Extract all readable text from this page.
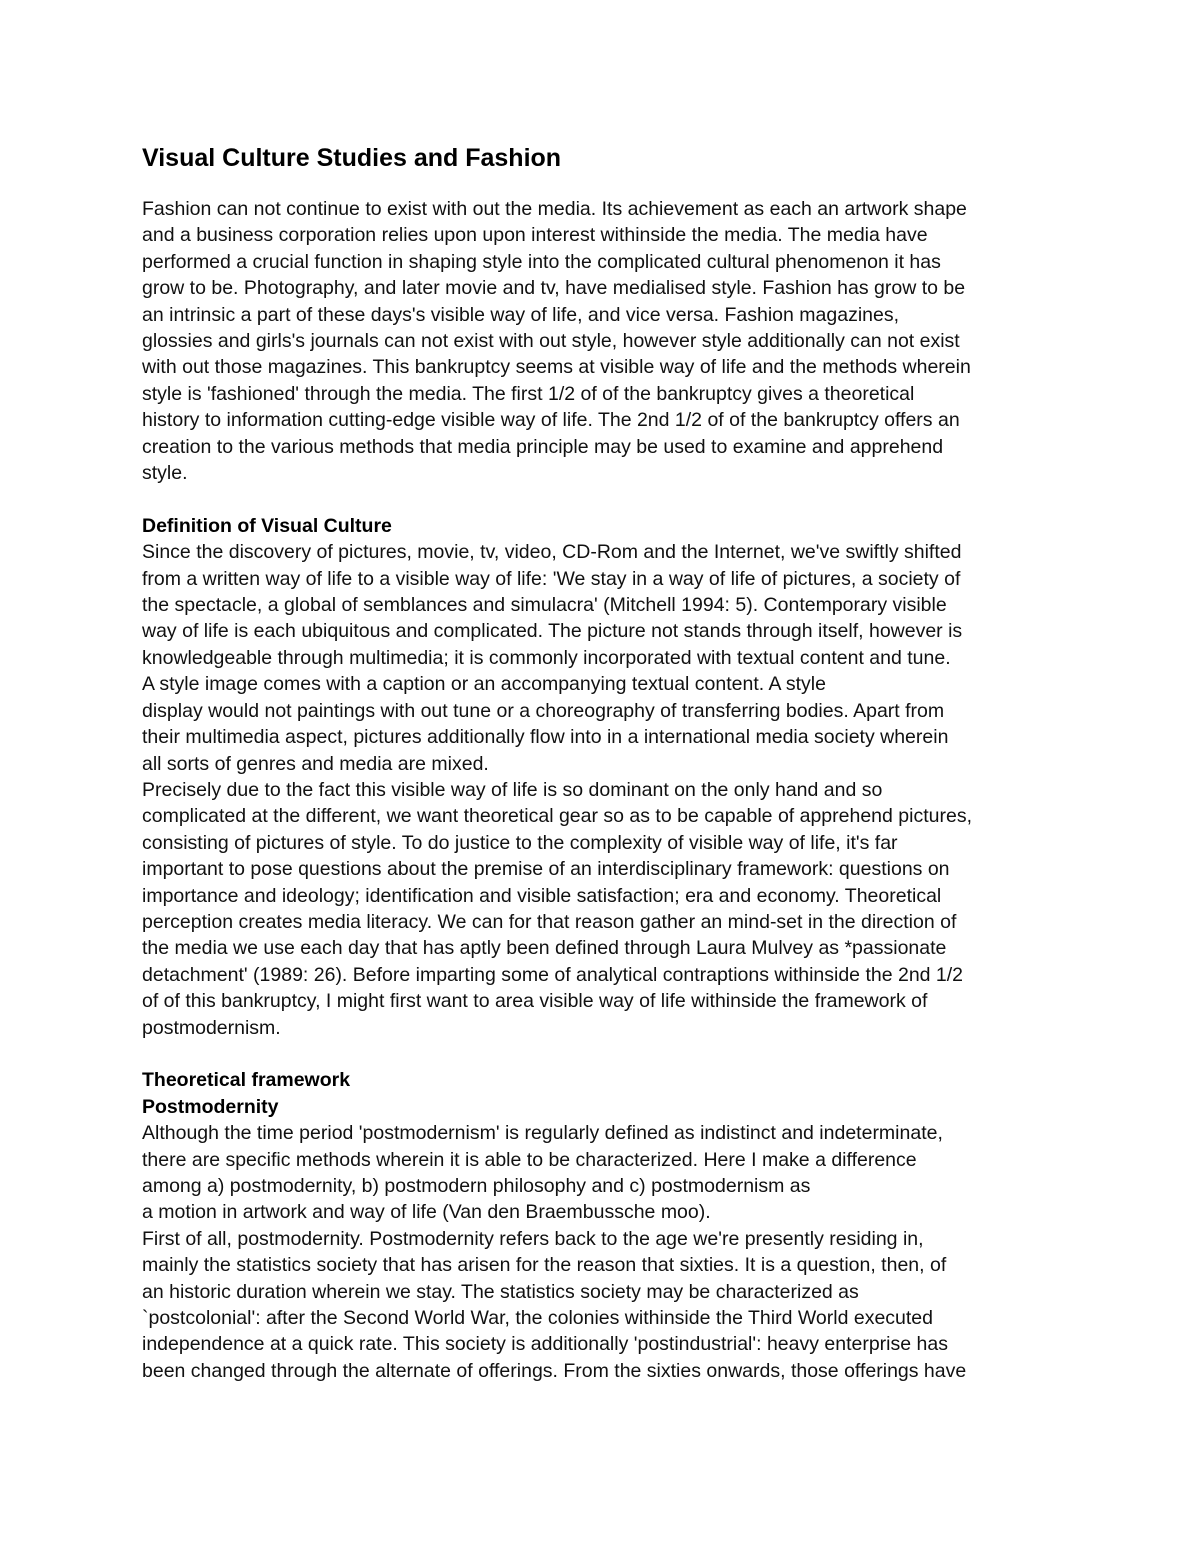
Visual Culture Studies and Fashion
Fashion can not continue to exist with out the media. Its achievement as each an artwork shape
and a business corporation relies upon upon interest withinside the media. The media have
performed a crucial function in shaping style into the complicated cultural phenomenon it has
grow to be. Photography, and later movie and tv, have medialised style. Fashion has grow to be
an intrinsic a part of these days's visible way of life, and vice versa. Fashion magazines,
glossies and girls's journals can not exist with out style, however style additionally can not exist
with out those magazines. This bankruptcy seems at visible way of life and the methods wherein
style is 'fashioned' through the media. The first 1/2 of of the bankruptcy gives a theoretical
history to information cutting-edge visible way of life. The 2nd 1/2 of of the bankruptcy offers an
creation to the various methods that media principle may be used to examine and apprehend
style.
Definition of Visual Culture
Since the discovery of pictures, movie, tv, video, CD-Rom and the Internet, we've swiftly shifted
from a written way of life to a visible way of life: 'We stay in a way of life of pictures, a society of
the spectacle, a global of semblances and simulacra' (Mitchell 1994: 5). Contemporary visible
way of life is each ubiquitous and complicated. The picture not stands through itself, however is
knowledgeable through multimedia; it is commonly incorporated with textual content and tune.
A style image comes with a caption or an accompanying textual content. A style
display would not paintings with out tune or a choreography of transferring bodies. Apart from
their multimedia aspect, pictures additionally flow into in a international media society wherein
all sorts of genres and media are mixed.
Precisely due to the fact this visible way of life is so dominant on the only hand and so
complicated at the different, we want theoretical gear so as to be capable of apprehend pictures,
consisting of pictures of style. To do justice to the complexity of visible way of life, it's far
important to pose questions about the premise of an interdisciplinary framework: questions on
importance and ideology; identification and visible satisfaction; era and economy. Theoretical
perception creates media literacy. We can for that reason gather an mind-set in the direction of
the media we use each day that has aptly been defined through Laura Mulvey as *passionate
detachment' (1989: 26). Before imparting some of analytical contraptions withinside the 2nd 1/2
of of this bankruptcy, I might first want to area visible way of life withinside the framework of
postmodernism.
Theoretical framework
Postmodernity
Although the time period 'postmodernism' is regularly defined as indistinct and indeterminate,
there are specific methods wherein it is able to be characterized. Here I make a difference
among a) postmodernity, b) postmodern philosophy and c) postmodernism as
a motion in artwork and way of life (Van den Braembussche moo).
First of all, postmodernity. Postmodernity refers back to the age we're presently residing in,
mainly the statistics society that has arisen for the reason that sixties. It is a question, then, of
an historic duration wherein we stay. The statistics society may be characterized as
`postcolonial': after the Second World War, the colonies withinside the Third World executed
independence at a quick rate. This society is additionally 'postindustrial': heavy enterprise has
been changed through the alternate of offerings. From the sixties onwards, those offerings have
